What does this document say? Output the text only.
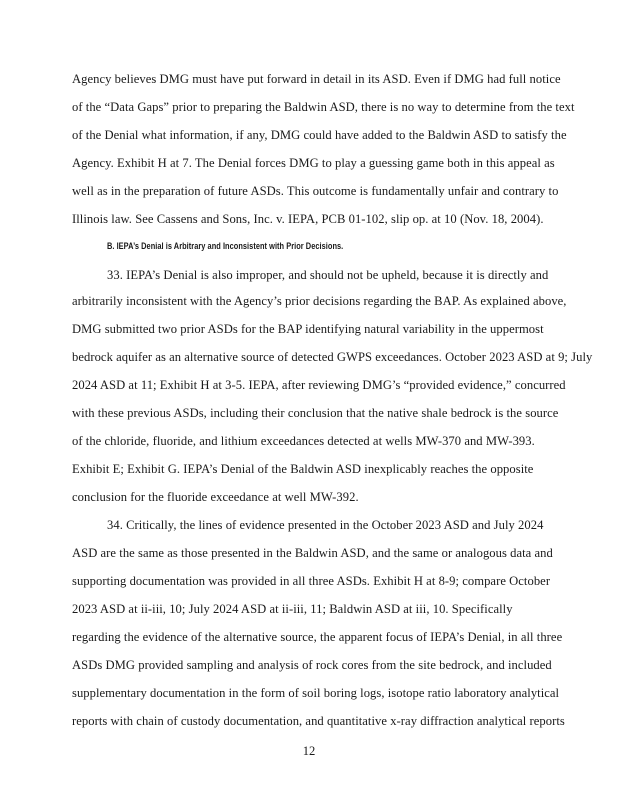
Agency believes DMG must have put forward in detail in its ASD. Even if DMG had full notice
of the “Data Gaps” prior to preparing the Baldwin ASD, there is no way to determine from the text
of the Denial what information, if any, DMG could have added to the Baldwin ASD to satisfy the
Agency. Exhibit H at 7. The Denial forces DMG to play a guessing game both in this appeal as
well as in the preparation of future ASDs. This outcome is fundamentally unfair and contrary to
Illinois law. See Cassens and Sons, Inc. v. IEPA, PCB 01-102, slip op. at 10 (Nov. 18, 2004).
B. IEPA’s Denial is Arbitrary and Inconsistent with Prior Decisions.
33. IEPA’s Denial is also improper, and should not be upheld, because it is directly and
arbitrarily inconsistent with the Agency’s prior decisions regarding the BAP. As explained above,
DMG submitted two prior ASDs for the BAP identifying natural variability in the uppermost
bedrock aquifer as an alternative source of detected GWPS exceedances. October 2023 ASD at 9; July
2024 ASD at 11; Exhibit H at 3-5. IEPA, after reviewing DMG’s “provided evidence,” concurred
with these previous ASDs, including their conclusion that the native shale bedrock is the source
of the chloride, fluoride, and lithium exceedances detected at wells MW-370 and MW-393.
Exhibit E; Exhibit G. IEPA’s Denial of the Baldwin ASD inexplicably reaches the opposite
conclusion for the fluoride exceedance at well MW-392.
34. Critically, the lines of evidence presented in the October 2023 ASD and July 2024
ASD are the same as those presented in the Baldwin ASD, and the same or analogous data and
supporting documentation was provided in all three ASDs. Exhibit H at 8-9; compare October
2023 ASD at ii-iii, 10; July 2024 ASD at ii-iii, 11; Baldwin ASD at iii, 10. Specifically
regarding the evidence of the alternative source, the apparent focus of IEPA’s Denial, in all three
ASDs DMG provided sampling and analysis of rock cores from the site bedrock, and included
supplementary documentation in the form of soil boring logs, isotope ratio laboratory analytical
reports with chain of custody documentation, and quantitative x-ray diffraction analytical reports
12
